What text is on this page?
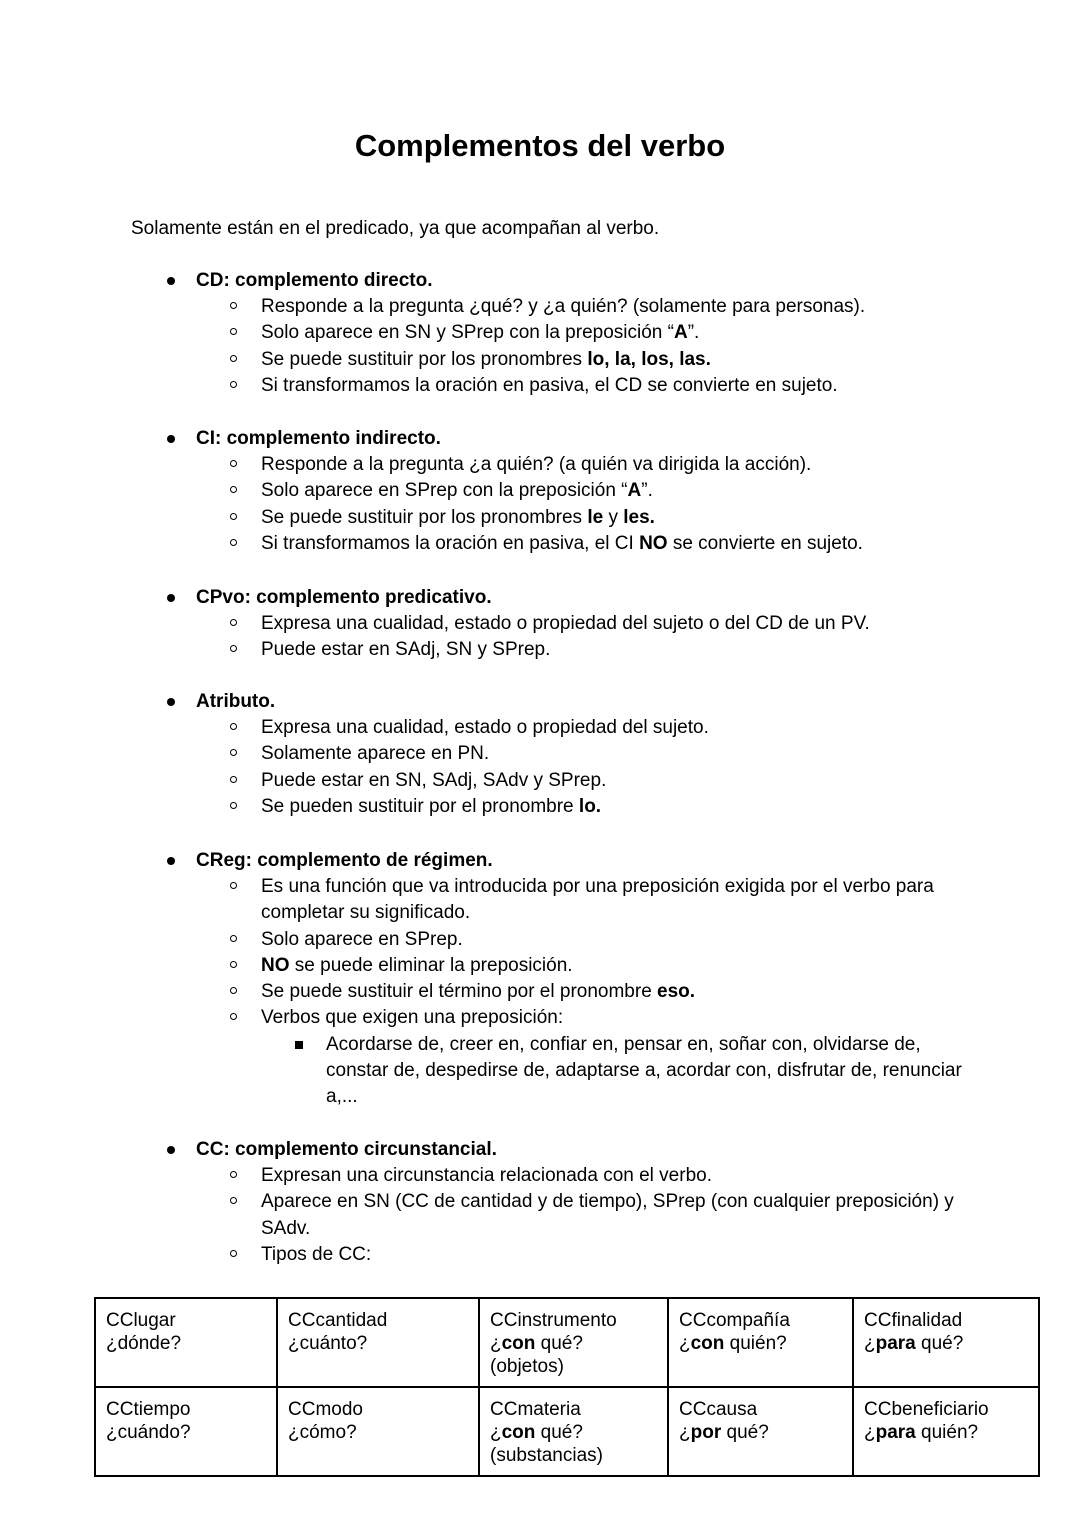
Complementos del verbo

Solamente están en el predicado, ya que acompañan al verbo.

CD: complemento directo.
Responde a la pregunta ¿qué? y ¿a quién? (solamente para personas).
Solo aparece en SN y SPrep con la preposición “A”.
Se puede sustituir por los pronombres lo, la, los, las.
Si transformamos la oración en pasiva, el CD se convierte en sujeto.
CI: complemento indirecto.
Responde a la pregunta ¿a quién? (a quién va dirigida la acción).
Solo aparece en SPrep con la preposición “A”.
Se puede sustituir por los pronombres le y les.
Si transformamos la oración en pasiva, el CI NO se convierte en sujeto.
CPvo: complemento predicativo.
Expresa una cualidad, estado o propiedad del sujeto o del CD de un PV.
Puede estar en SAdj, SN y SPrep.
Atributo.
Expresa una cualidad, estado o propiedad del sujeto.
Solamente aparece en PN.
Puede estar en SN, SAdj, SAdv y SPrep.
Se pueden sustituir por el pronombre lo.
CReg: complemento de régimen.
Es una función que va introducida por una preposición exigida por el verbo para completar su significado.
Solo aparece en SPrep.
NO se puede eliminar la preposición.
Se puede sustituir el término por el pronombre eso.
Verbos que exigen una preposición:
Acordarse de, creer en, confiar en, pensar en, soñar con, olvidarse de, constar de, despedirse de, adaptarse a, acordar con, disfrutar de, renunciar a,...
CC: complemento circunstancial.
Expresan una circunstancia relacionada con el verbo.
Aparece en SN (CC de cantidad y de tiempo), SPrep (con cualquier preposición) y SAdv.
Tipos de CC:
CClugar
¿dónde?	CCcantidad
¿cuánto?	CCinstrumento
¿con qué?
(objetos)	CCcompañía
¿con quién?	CCfinalidad
¿para qué?

CCtiempo
¿cuándo?	CCmodo
¿cómo?	CCmateria
¿con qué?
(substancias)	CCcausa
¿por qué?	CCbeneficiario
¿para quién?
